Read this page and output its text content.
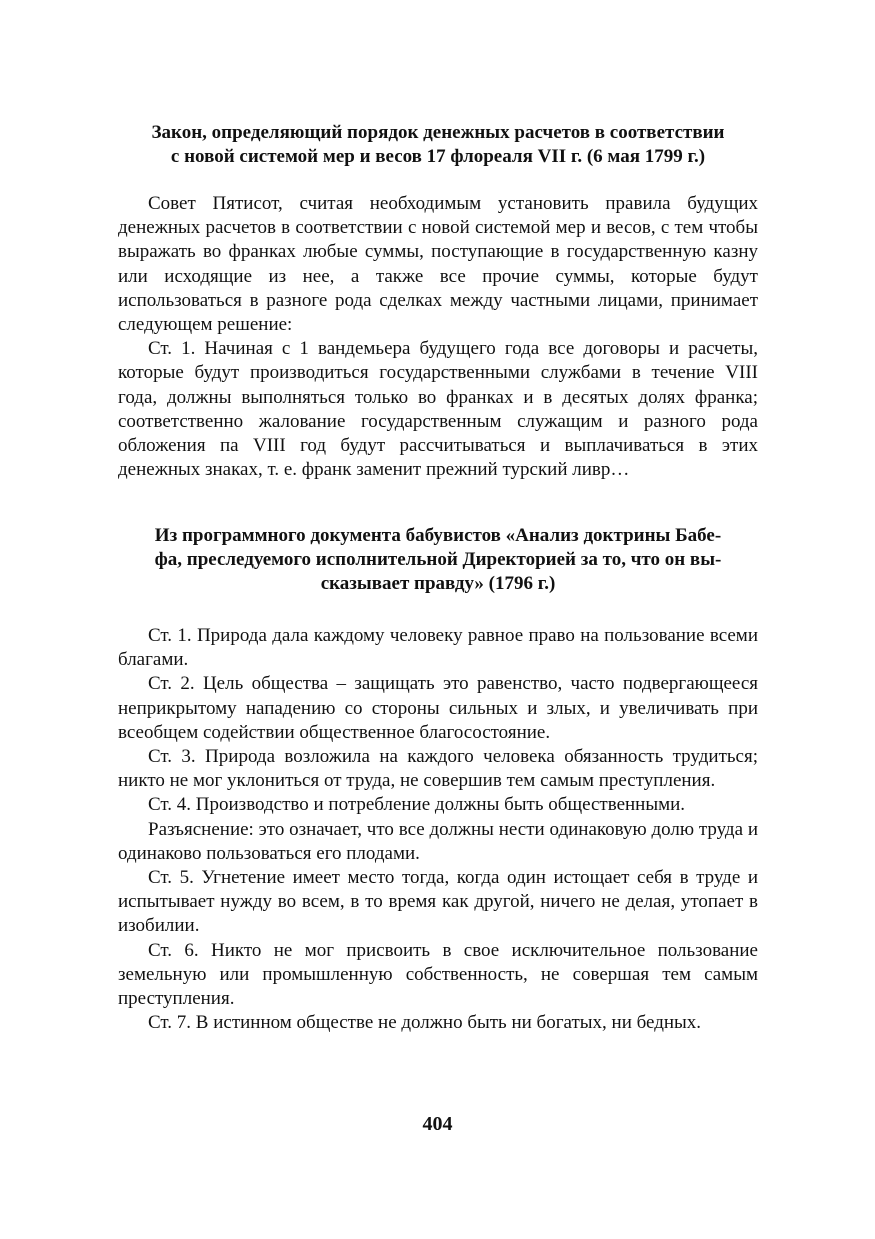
Закон, определяющий порядок денежных расчетов в соответствии
с новой системой мер и весов 17 флореаля VII г. (6 мая 1799 г.)

Совет Пятисот, считая необходимым установить правила будущих денежных расчетов в соответствии с новой системой мер и весов, с тем чтобы выражать во франках любые суммы, поступающие в государственную казну или исходящие из нее, а также все прочие суммы, которые будут использоваться в разноге рода сделках между частными лицами, принимает следующем решение:

Ст. 1. Начиная с 1 вандемьера будущего года все договоры и расчеты, которые будут производиться государственными службами в течение VIII года, должны выполняться только во франках и в десятых долях франка; соответственно жалование государственным служащим и разного рода обложения па VIII год будут рассчитываться и выплачиваться в этих денежных знаках, т. е. франк заменит прежний турский ливр…

Из программного документа бабувистов «Анализ доктрины Бабе-
фа, преследуемого исполнительной Директорией за то, что он вы-
сказывает правду» (1796 г.)

Ст. 1. Природа дала каждому человеку равное право на пользование всеми благами.

Ст. 2. Цель общества – защищать это равенство, часто подвергающееся неприкрытому нападению со стороны сильных и злых, и увеличивать при всеобщем содействии общественное благосостояние.

Ст. 3. Природа возложила на каждого человека обязанность трудиться; никто не мог уклониться от труда, не совершив тем самым преступления.

Ст. 4. Производство и потребление должны быть общественными.

Разъяснение: это означает, что все должны нести одинаковую долю труда и одинаково пользоваться его плодами.

Ст. 5. Угнетение имеет место тогда, когда один истощает себя в труде и испытывает нужду во всем, в то время как другой, ничего не делая, утопает в изобилии.

Ст. 6. Никто не мог присвоить в свое исключительное пользование земельную или промышленную собственность, не совершая тем самым преступления.

Ст. 7. В истинном обществе не должно быть ни богатых, ни бедных.

404
